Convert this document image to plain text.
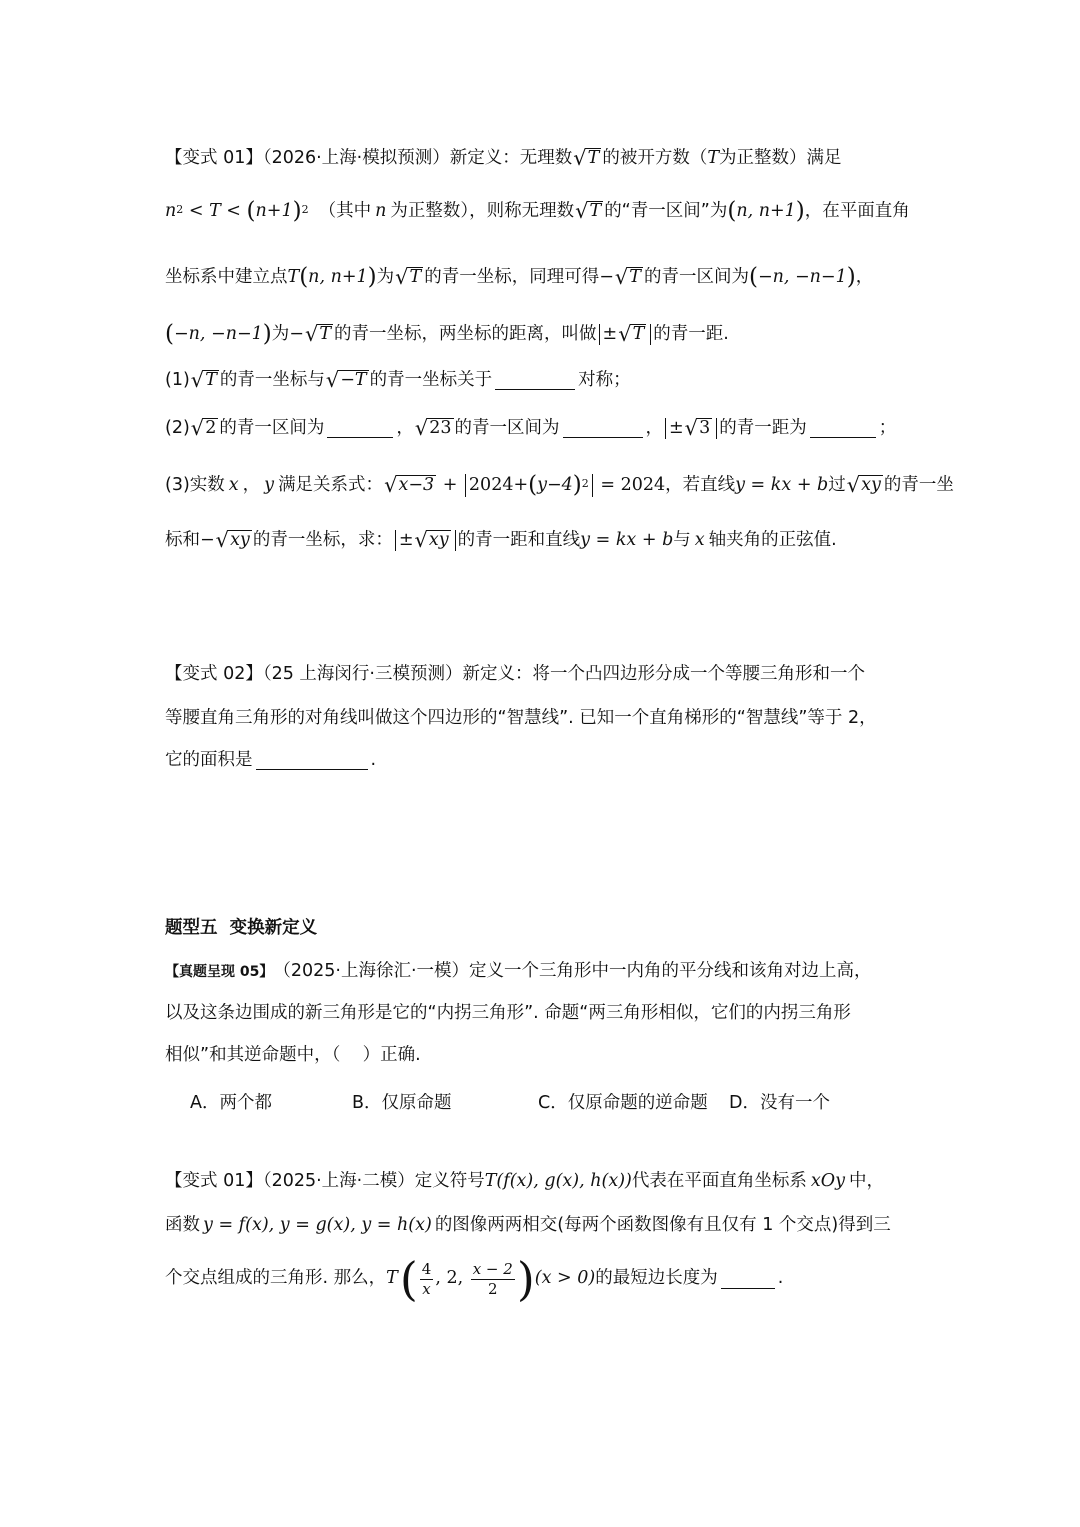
【变式 01】（2026·上海·模拟预测）新定义：无理数 √ T 的被开方数（ T 为正整数）满足
n 2 < T < ( n+1 ) 2 （其中 n 为正整数），则称无理数 √ T 的“青一区间”为 ( n, n+1 ) ，在平面直角
坐标系中建立点 T ( n, n+1 ) 为 √ T 的青一坐标，同理可得 − √ T 的青一区间为 ( −n, −n−1 ) ，
( −n, −n−1 ) 为 − √ T 的青一坐标，两坐标的距离，叫做 ± √ T 的青一距.
(1) √ T 的青一坐标与 √ −T 的青一坐标关于	对称；
(2) √ 2 的青一区间为	， √ 23 的青一区间为	， ± √ 3 的青一距为	；
(3)实数 x ， y 满足关系式： √ x−3 + 2024+ ( y−4 ) 2 = 2024 ，若直线 y = kx + b 过 √ xy 的青一坐
标和 − √ xy 的青一坐标，求： ± √ xy 的青一距和直线 y = kx + b 与 x 轴夹角的正弦值.
【变式 02】（25 上海闵行·三模预测）新定义：将一个凸四边形分成一个等腰三角形和一个
等腰直角三角形的对角线叫做这个四边形的“智慧线”. 已知一个直角梯形的“智慧线”等于 2，
它的面积是	.
题型五  变换新定义
【真题呈现 05】 （2025·上海徐汇·一模）定义一个三角形中一内角的平分线和该角对边上高，
以及这条边围成的新三角形是它的“内拐三角形”. 命题“两三角形相似，它们的内拐三角形
相似”和其逆命题中，（    ）正确.
A．两个都	B．仅原命题	C．仅原命题的逆命题 D．没有一个
【变式 01】（2025·上海·二模）定义符号 T(f(x), g(x), h(x)) 代表在平面直角坐标系 xOy 中，
函数 y = f(x), y = g(x), y = h(x) 的图像两两相交(每两个函数图像有且仅有 1 个交点)得到三
个交点组成的三角形. 那么， T ( $\frac{4}{x}$ , 2, $\frac{x - 2}{2}$ ) (x > 0) 的最短边长度为	.
